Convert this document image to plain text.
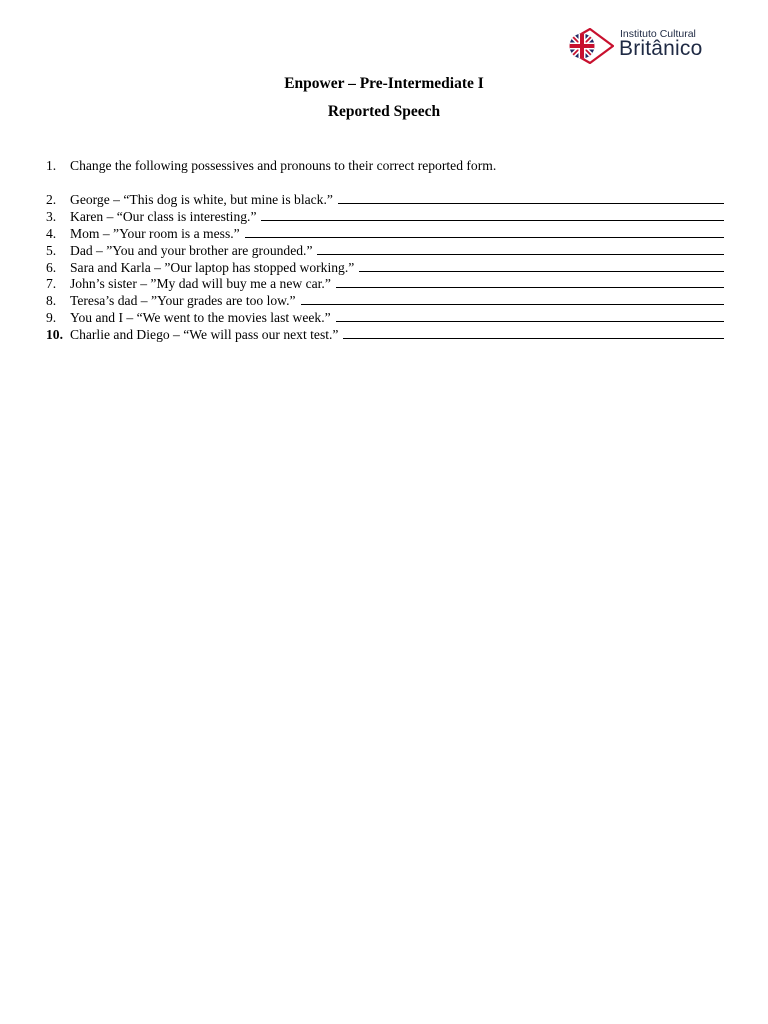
Instituto Cultural
Britânico
Enpower – Pre-Intermediate I
Reported Speech
1.	Change the following possessives and pronouns to their correct reported form.
2.	George – “This dog is white, but mine is black.”
3.	Karen – “Our class is interesting.”
4.	Mom – ”Your room is a mess.”
5.	Dad – ”You and your brother are grounded.”
6.	Sara and Karla – ”Our laptop has stopped working.”
7.	John’s sister – ”My dad will buy me a new car.”
8.	Teresa’s dad – ”Your grades are too low.”
9.	You and I – “We went to the movies last week.”
10. Charlie and Diego – “We will pass our next test.”
